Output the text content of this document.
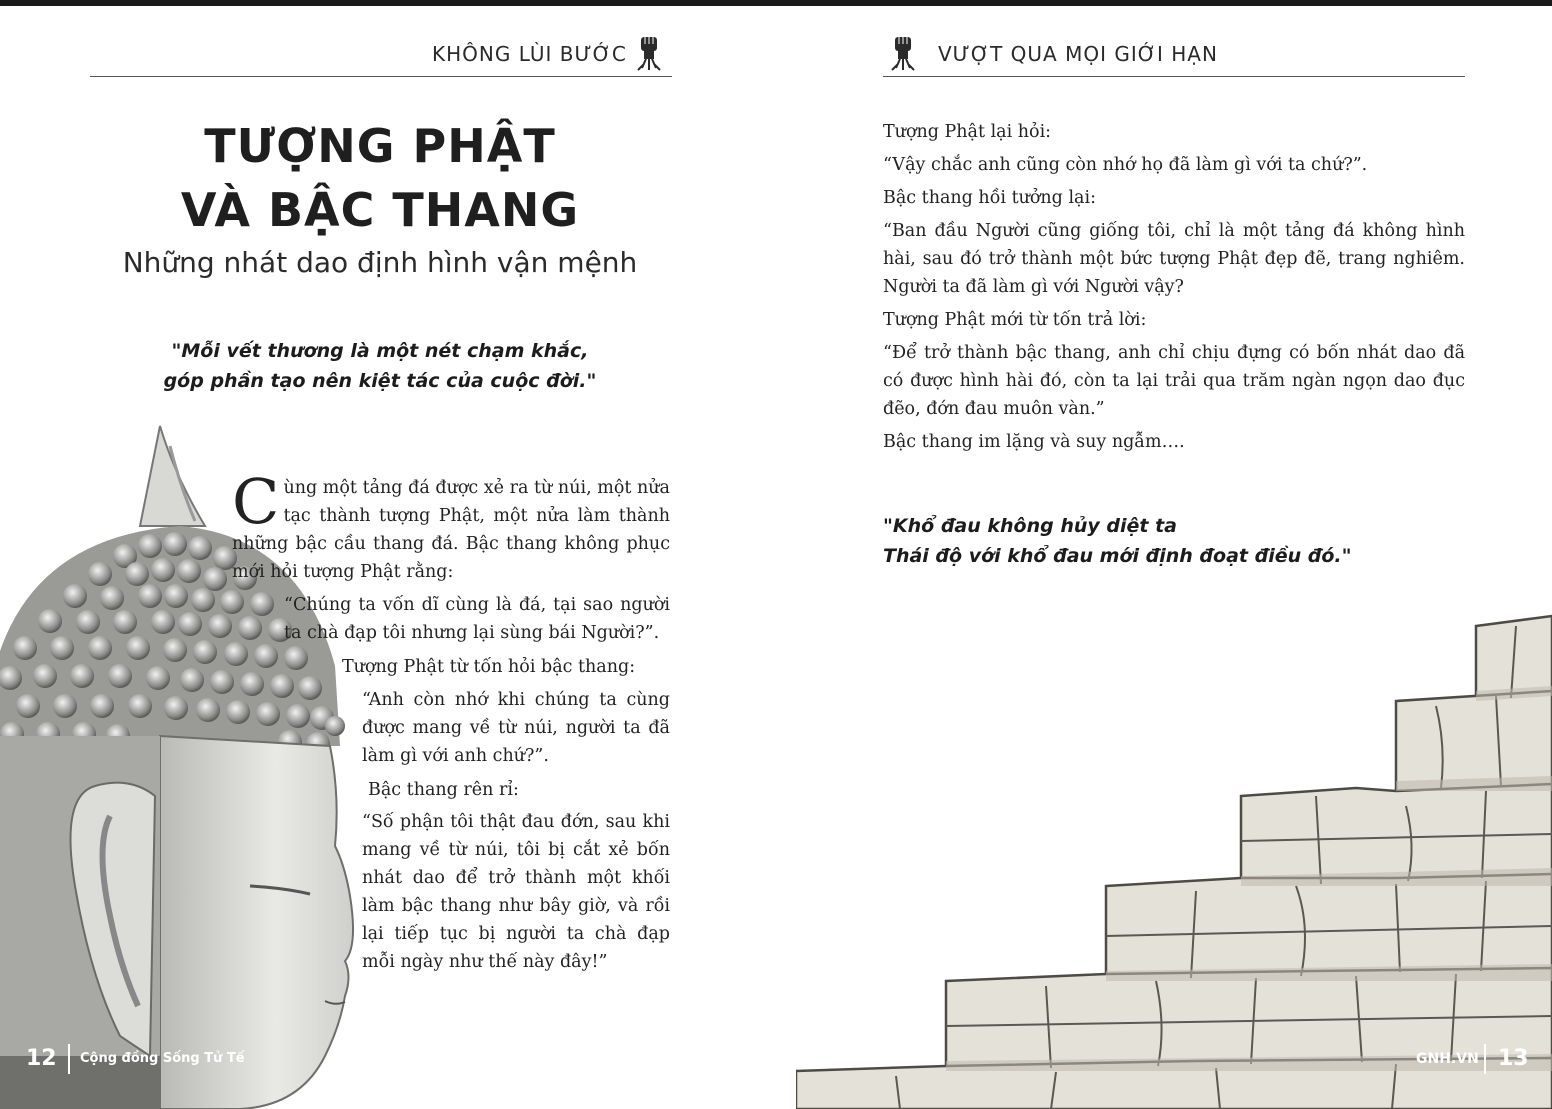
KHÔNG LÙI BƯỚC
TƯỢNG PHẬT
VÀ BẬC THANG
Những nhát dao định hình vận mệnh
"Mỗi vết thương là một nét chạm khắc,
góp phần tạo nên kiệt tác của cuộc đời."
Cùng một tảng đá được xẻ ra từ núi, một nửa tạc thành tượng Phật, một nửa làm thành những bậc cầu thang đá. Bậc thang không phục mới hỏi tượng Phật rằng:
“Chúng ta vốn dĩ cùng là đá, tại sao người ta chà đạp tôi nhưng lại sùng bái Người?”.
Tượng Phật từ tốn hỏi bậc thang:
“Anh còn nhớ khi chúng ta cùng được mang về từ núi, người ta đã làm gì với anh chứ?”.
Bậc thang rên rỉ:
“Số phận tôi thật đau đớn, sau khi mang về từ núi, tôi bị cắt xẻ bốn nhát dao để trở thành một khối làm bậc thang như bây giờ, và rồi lại tiếp tục bị người ta chà đạp mỗi ngày như thế này đây!”
12 Cộng đồng Sống Tử Tế
VƯỢT QUA MỌI GIỚI HẠN

Tượng Phật lại hỏi:

“Vậy chắc anh cũng còn nhớ họ đã làm gì với ta chứ?”.

Bậc thang hồi tưởng lại:

“Ban đầu Người cũng giống tôi, chỉ là một tảng đá không hình hài, sau đó trở thành một bức tượng Phật đẹp đẽ, trang nghiêm. Người ta đã làm gì với Người vậy?

Tượng Phật mới từ tốn trả lời:

“Để trở thành bậc thang, anh chỉ chịu đựng có bốn nhát dao đã có được hình hài đó, còn ta lại trải qua trăm ngàn ngọn dao đục đẽo, đớn đau muôn vàn.”

Bậc thang im lặng và suy ngẫm….

"Khổ đau không hủy diệt ta
Thái độ với khổ đau mới định đoạt điều đó."
GNH.VN 13
